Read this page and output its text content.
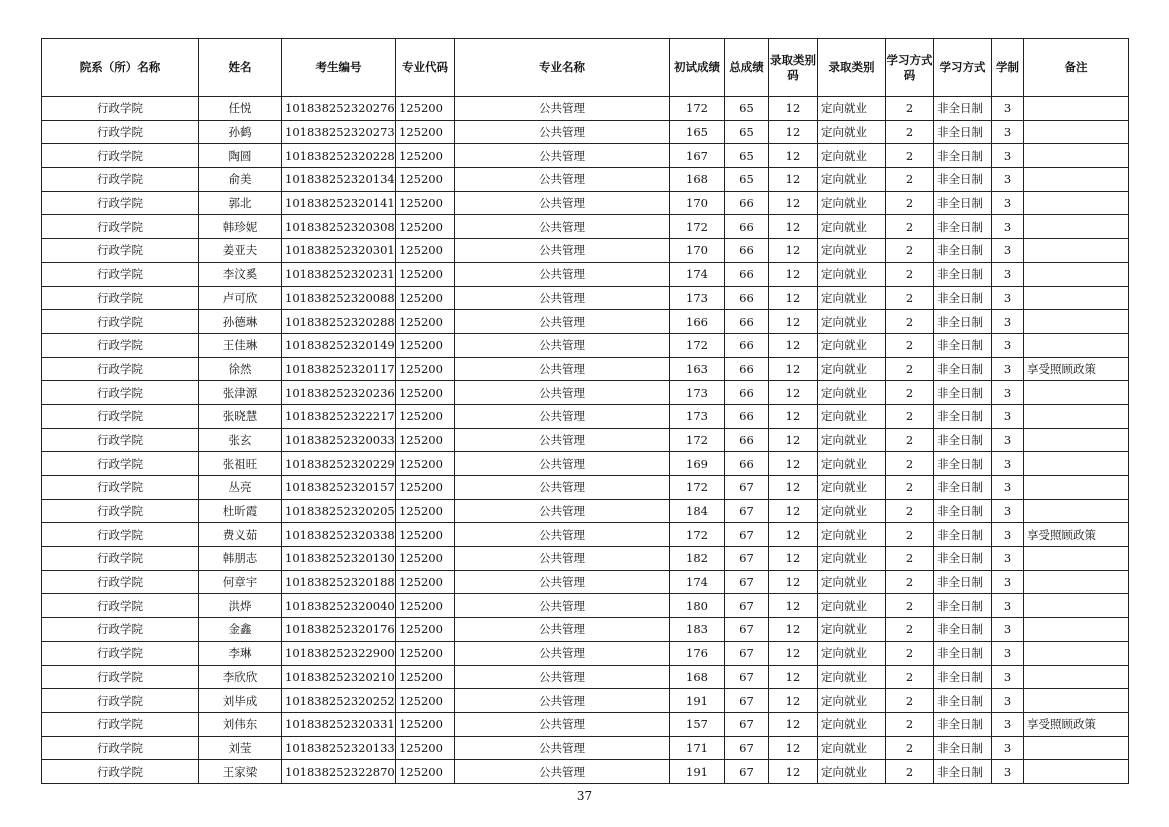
院系（所）名称	姓名	考生编号	专业代码	专业名称	初试成绩	总成绩	录取类别码	录取类别	学习方式码	学习方式	学制	备注
行政学院	任悦	101838252320276	125200	公共管理	172	65	12	定向就业	2	非全日制	3	
行政学院	孙鹤	101838252320273	125200	公共管理	165	65	12	定向就业	2	非全日制	3	
行政学院	陶圆	101838252320228	125200	公共管理	167	65	12	定向就业	2	非全日制	3	
行政学院	俞美	101838252320134	125200	公共管理	168	65	12	定向就业	2	非全日制	3	
行政学院	郭北	101838252320141	125200	公共管理	170	66	12	定向就业	2	非全日制	3	
行政学院	韩珍妮	101838252320308	125200	公共管理	172	66	12	定向就业	2	非全日制	3	
行政学院	姜亚夫	101838252320301	125200	公共管理	170	66	12	定向就业	2	非全日制	3	
行政学院	李汶奚	101838252320231	125200	公共管理	174	66	12	定向就业	2	非全日制	3	
行政学院	卢可欣	101838252320088	125200	公共管理	173	66	12	定向就业	2	非全日制	3	
行政学院	孙德琳	101838252320288	125200	公共管理	166	66	12	定向就业	2	非全日制	3	
行政学院	王佳琳	101838252320149	125200	公共管理	172	66	12	定向就业	2	非全日制	3	
行政学院	徐然	101838252320117	125200	公共管理	163	66	12	定向就业	2	非全日制	3	享受照顾政策
行政学院	张津源	101838252320236	125200	公共管理	173	66	12	定向就业	2	非全日制	3	
行政学院	张晓慧	101838252322217	125200	公共管理	173	66	12	定向就业	2	非全日制	3	
行政学院	张玄	101838252320033	125200	公共管理	172	66	12	定向就业	2	非全日制	3	
行政学院	张祖旺	101838252320229	125200	公共管理	169	66	12	定向就业	2	非全日制	3	
行政学院	丛亮	101838252320157	125200	公共管理	172	67	12	定向就业	2	非全日制	3	
行政学院	杜昕霞	101838252320205	125200	公共管理	184	67	12	定向就业	2	非全日制	3	
行政学院	费义茹	101838252320338	125200	公共管理	172	67	12	定向就业	2	非全日制	3	享受照顾政策
行政学院	韩朋志	101838252320130	125200	公共管理	182	67	12	定向就业	2	非全日制	3	
行政学院	何章宇	101838252320188	125200	公共管理	174	67	12	定向就业	2	非全日制	3	
行政学院	洪烨	101838252320040	125200	公共管理	180	67	12	定向就业	2	非全日制	3	
行政学院	金鑫	101838252320176	125200	公共管理	183	67	12	定向就业	2	非全日制	3	
行政学院	李琳	101838252322900	125200	公共管理	176	67	12	定向就业	2	非全日制	3	
行政学院	李欣欣	101838252320210	125200	公共管理	168	67	12	定向就业	2	非全日制	3	
行政学院	刘毕成	101838252320252	125200	公共管理	191	67	12	定向就业	2	非全日制	3	
行政学院	刘伟东	101838252320331	125200	公共管理	157	67	12	定向就业	2	非全日制	3	享受照顾政策
行政学院	刘莹	101838252320133	125200	公共管理	171	67	12	定向就业	2	非全日制	3	
行政学院	王家梁	101838252322870	125200	公共管理	191	67	12	定向就业	2	非全日制	3	
37
